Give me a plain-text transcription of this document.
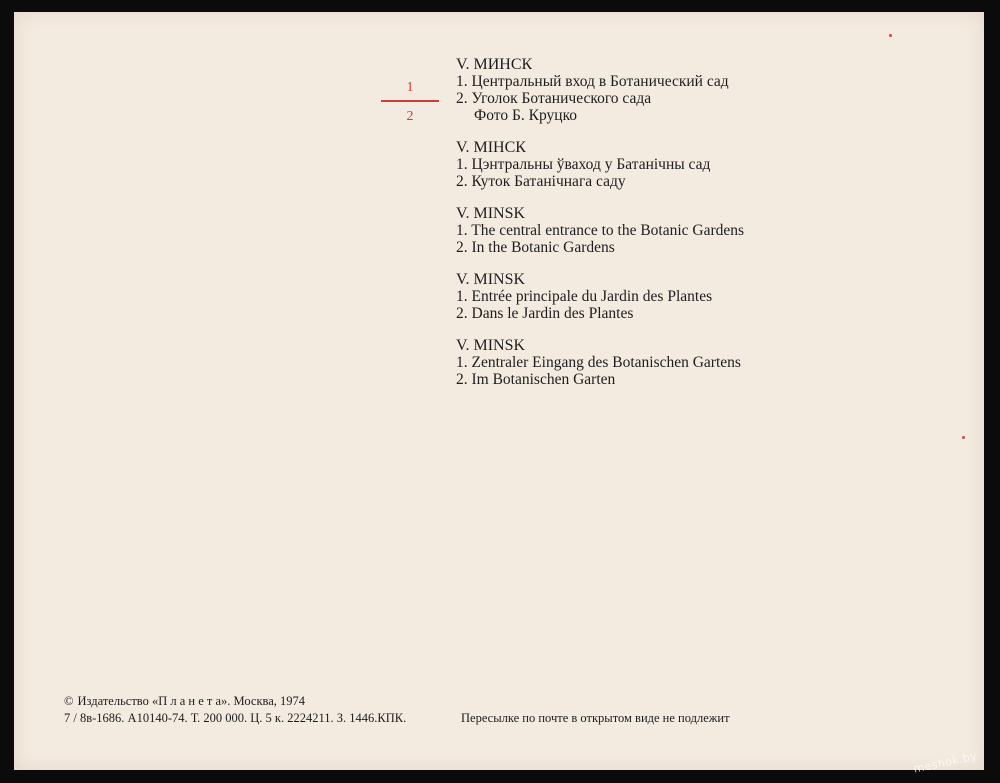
1
2
V. МИНСК
1. Центральный вход в Ботанический сад
2. Уголок Ботанического сада
Фото Б. Круцко
V. МIНСК
1. Цэнтральны ўваход у Батанічны сад
2. Куток Батанічнага саду
V. MINSK
1. The central entrance to the Botanic Gardens
2. In the Botanic Gardens
V. MINSK
1. Entrée principale du Jardin des Plantes
2. Dans le Jardin des Plantes
V. MINSK
1. Zentraler Eingang des Botanischen Gartens
2. Im Botanischen Garten
© Издательство «П л а н е т а». Москва, 1974
7 / 8в-1686. А10140-74. Т. 200 000. Ц. 5 к. 2224211. З. 1446.КПК.	Пересылке по почте в открытом виде не подлежит
meshok.by
